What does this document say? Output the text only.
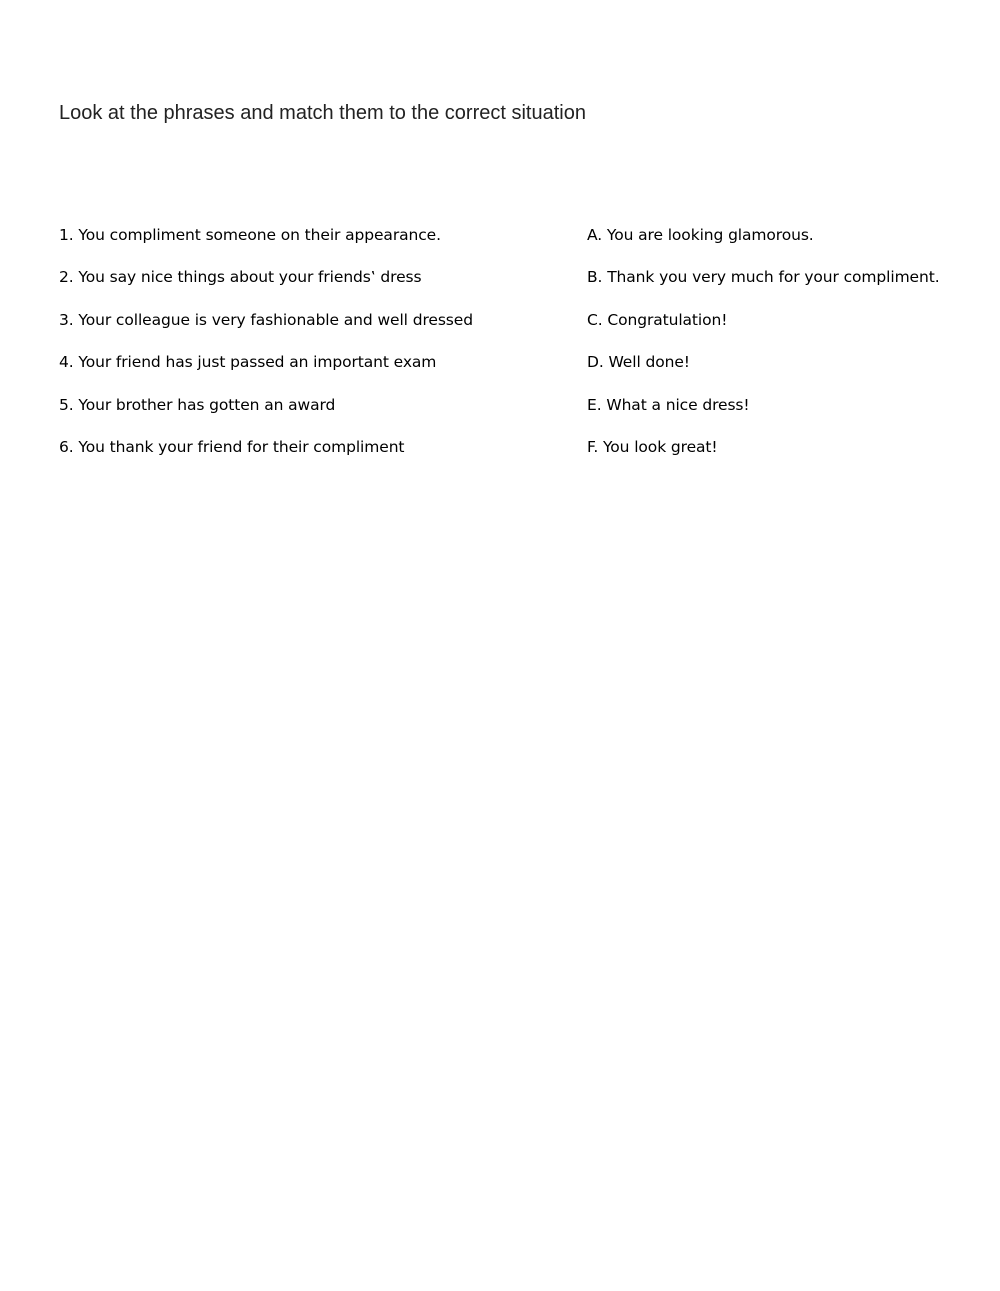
Look at the phrases and match them to the correct situation
1. You compliment someone on their appearance.
2. You say nice things about your friends‛ dress
3. Your colleague is very fashionable and well dressed
4. Your friend has just passed an important exam
5. Your brother has gotten an award
6. You thank your friend for their compliment
A. You are looking glamorous.
B. Thank you very much for your compliment.
C. Congratulation!
D. Well done!
E. What a nice dress!
F. You look great!
